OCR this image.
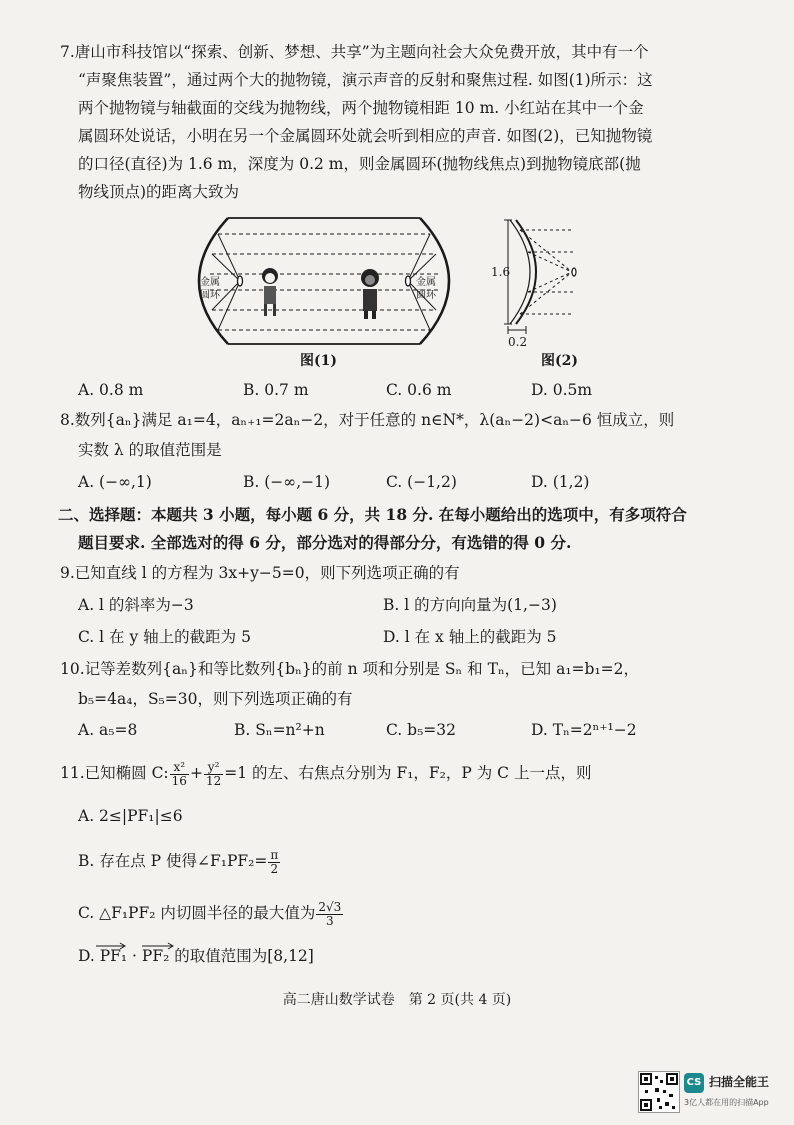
7.唐山市科技馆以“探索、创新、梦想、共享”为主题向社会大众免费开放，其中有一个
“声聚焦装置”，通过两个大的抛物镜，演示声音的反射和聚焦过程. 如图(1)所示：这
两个抛物镜与轴截面的交线为抛物线，两个抛物镜相距 10 m. 小红站在其中一个金
属圆环处说话，小明在另一个金属圆环处就会听到相应的声音. 如图(2)，已知抛物镜
的口径(直径)为 1.6 m，深度为 0.2 m，则金属圆环(抛物线焦点)到抛物镜底部(抛
物线顶点)的距离大致为
金属
圆环
金属
圆环
图(1)
1.6
0.2
图(2)
A. 0.8 m	B. 0.7 m	C. 0.6 m	D. 0.5m
8.数列{aₙ}满足 a₁=4，aₙ₊₁=2aₙ−2，对于任意的 n∈N*，λ(aₙ−2)<aₙ−6 恒成立，则
实数 λ 的取值范围是
A. (−∞,1)	B. (−∞,−1)	C. (−1,2)	D. (1,2)
二、选择题：本题共 3 小题，每小题 6 分，共 18 分. 在每小题给出的选项中，有多项符合
题目要求. 全部选对的得 6 分，部分选对的得部分分，有选错的得 0 分.
9.已知直线 l 的方程为 3x+y−5=0，则下列选项正确的有
A. l 的斜率为−3	B. l 的方向向量为(1,−3)
C. l 在 y 轴上的截距为 5	D. l 在 x 轴上的截距为 5
10.记等差数列{aₙ}和等比数列{bₙ}的前 n 项和分别是 Sₙ 和 Tₙ，已知 a₁=b₁=2，
b₅=4a₄，S₅=30，则下列选项正确的有
A. a₅=8	B. Sₙ=n²+n	C. b₅=32	D. Tₙ=2ⁿ⁺¹−2
11.已知椭圆 C: $\frac{\text{x²}}{16} + \frac{\text{y²}}{12} =1$ 的左、右焦点分别为 F₁，F₂，P 为 C 上一点，则
A. 2≤|PF₁|≤6
B. 存在点 P 使得∠F₁PF₂= $\frac{\pi}{2}$
C. △F₁PF₂ 内切圆半径的最大值为 $\frac{2√3}{3}$
D. PF₁ · PF₂ 的取值范围为[8,12]
高二唐山数学试卷　第 2 页(共 4 页)
CS 扫描全能王
3亿人都在用的扫描App
